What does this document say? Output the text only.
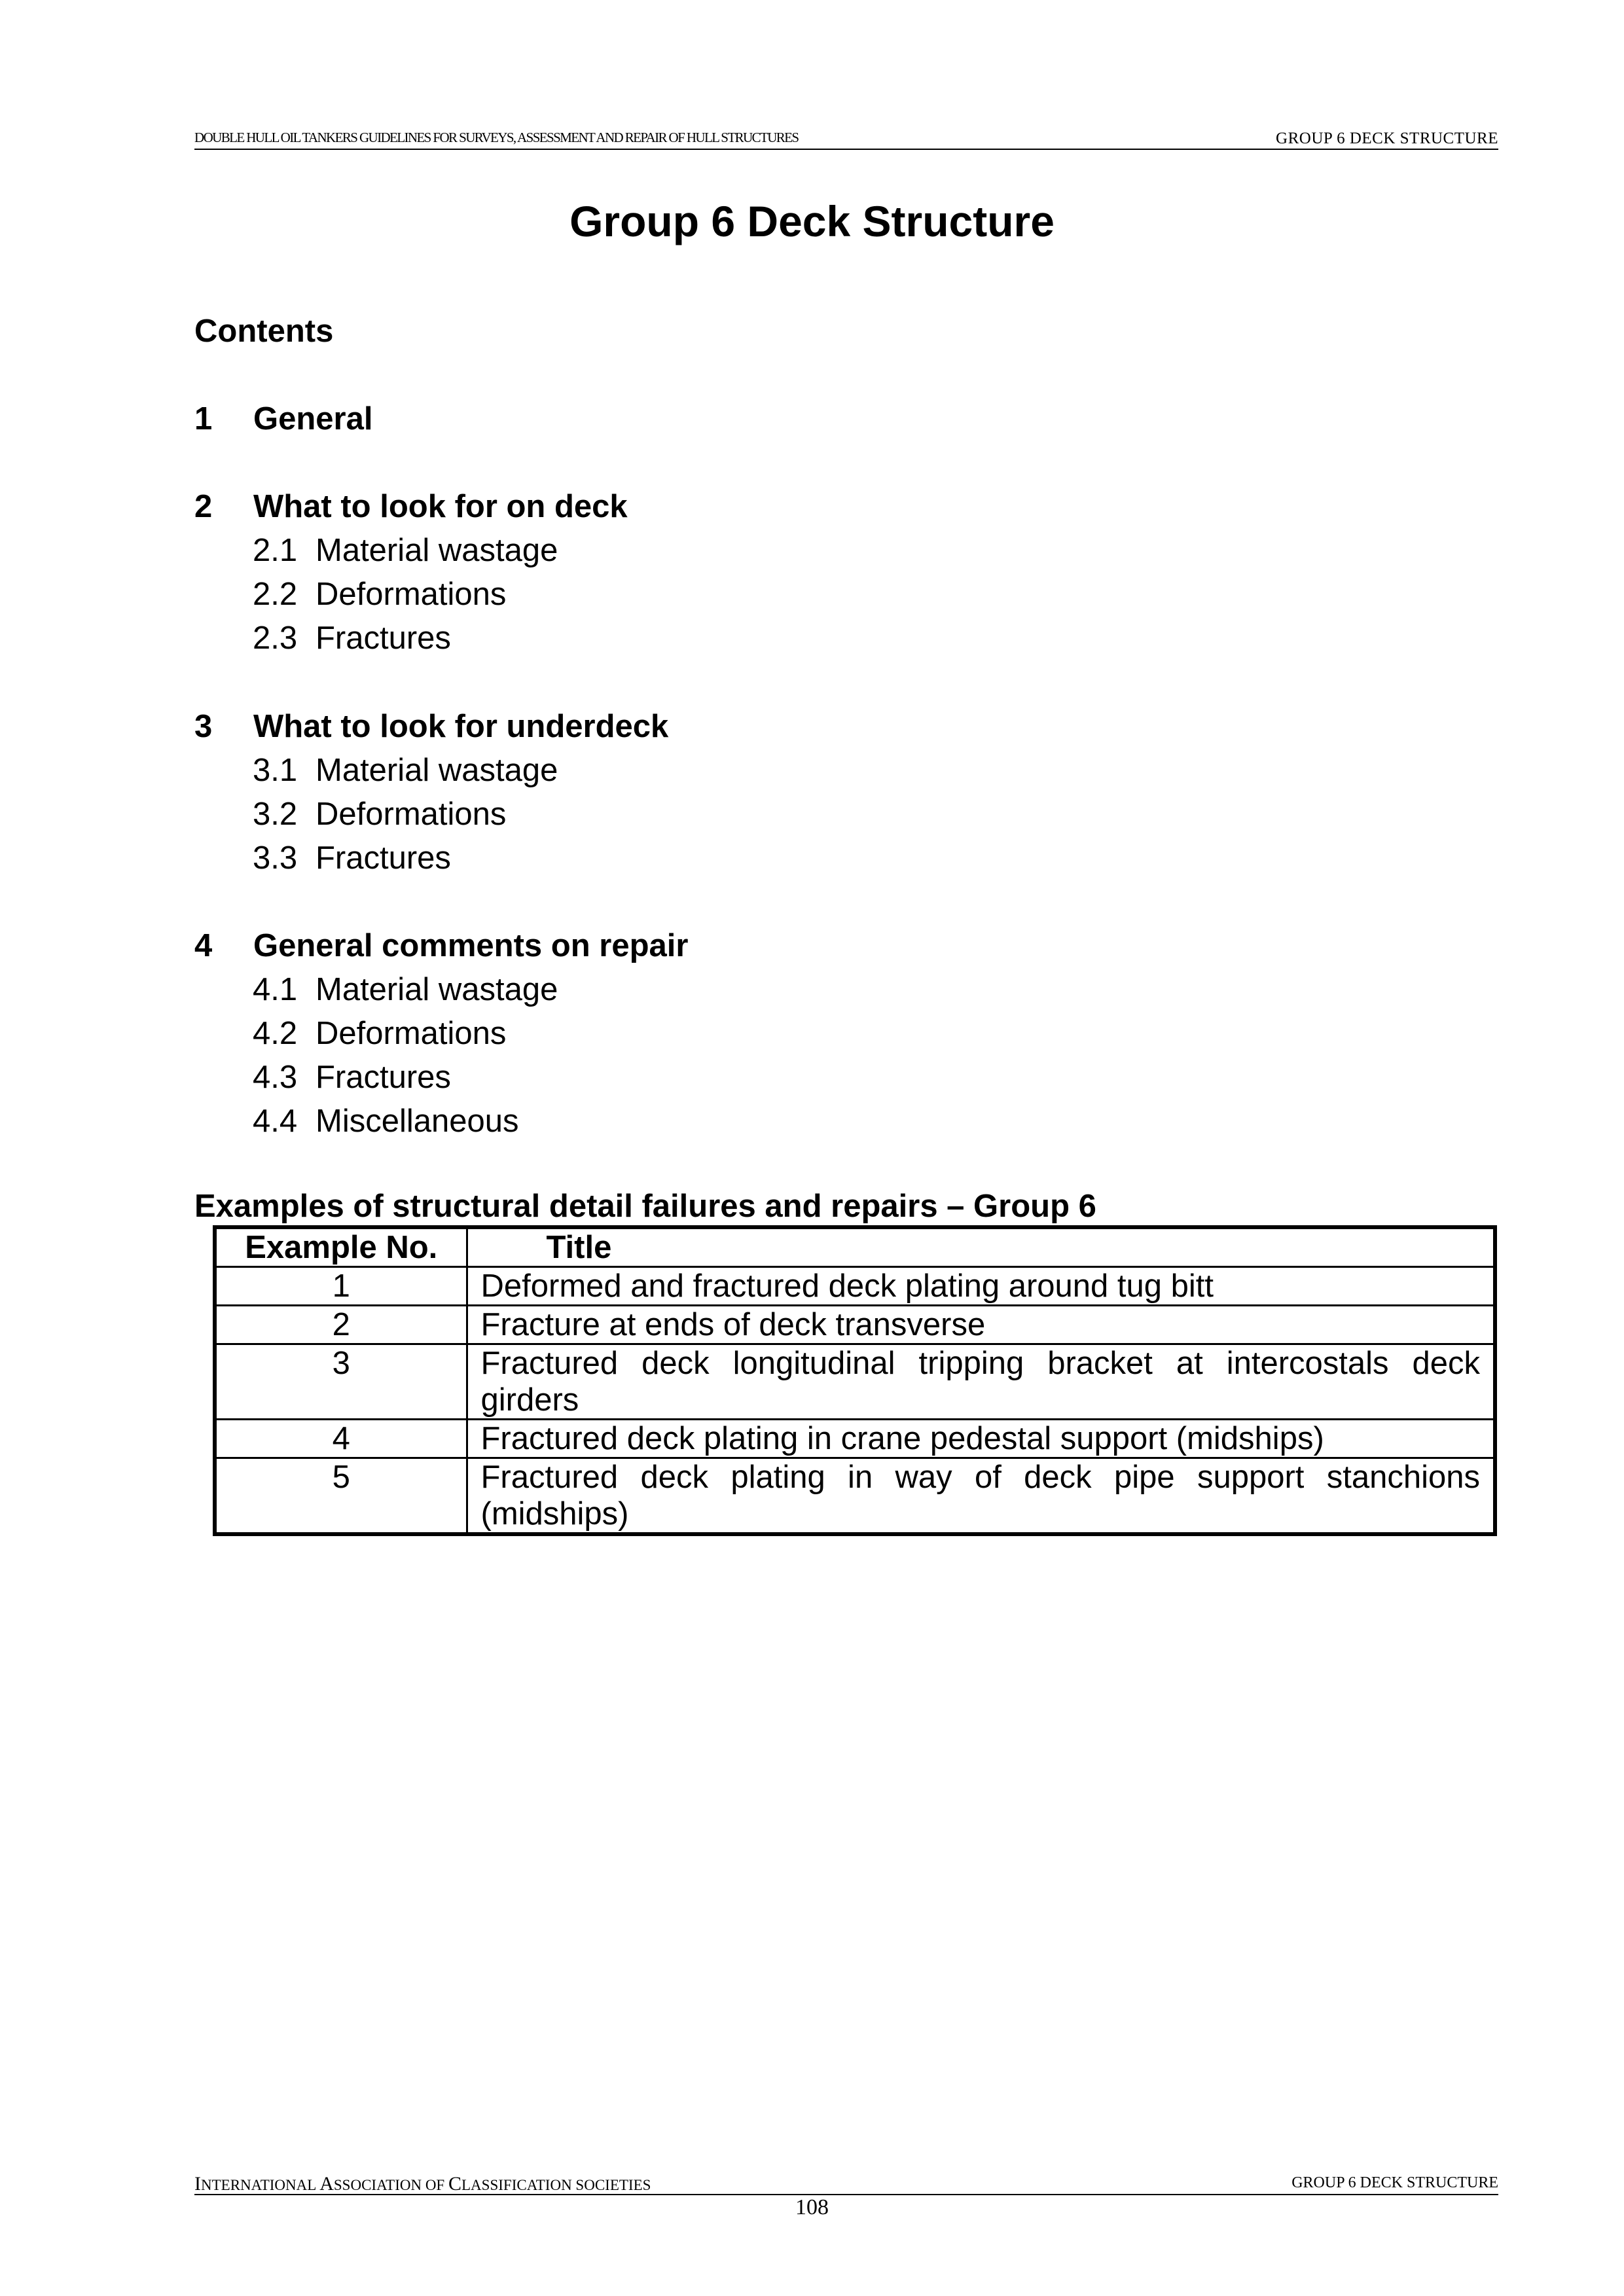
DOUBLE HULL OIL TANKERS GUIDELINES FOR SURVEYS, ASSESSMENT AND REPAIR OF HULL STRUCTURES	GROUP 6 DECK STRUCTURE
Group 6 Deck Structure
Contents
1 General
2 What to look for on deck
2.1 Material wastage
2.2 Deformations
2.3 Fractures
3 What to look for underdeck
3.1 Material wastage
3.2 Deformations
3.3 Fractures
4 General comments on repair
4.1 Material wastage
4.2 Deformations
4.3 Fractures
4.4 Miscellaneous
Examples of structural detail failures and repairs – Group 6
Example No.	Title
1	Deformed and fractured deck plating around tug bitt
2	Fracture at ends of deck transverse
3	Fractured deck longitudinal tripping bracket at intercostals deck girders
4	Fractured deck plating in crane pedestal support (midships)
5	Fractured deck plating in way of deck pipe support stanchions (midships)
INTERNATIONAL ASSOCIATION OF CLASSIFICATION SOCIETIES	GROUP 6 DECK STRUCTURE
108
